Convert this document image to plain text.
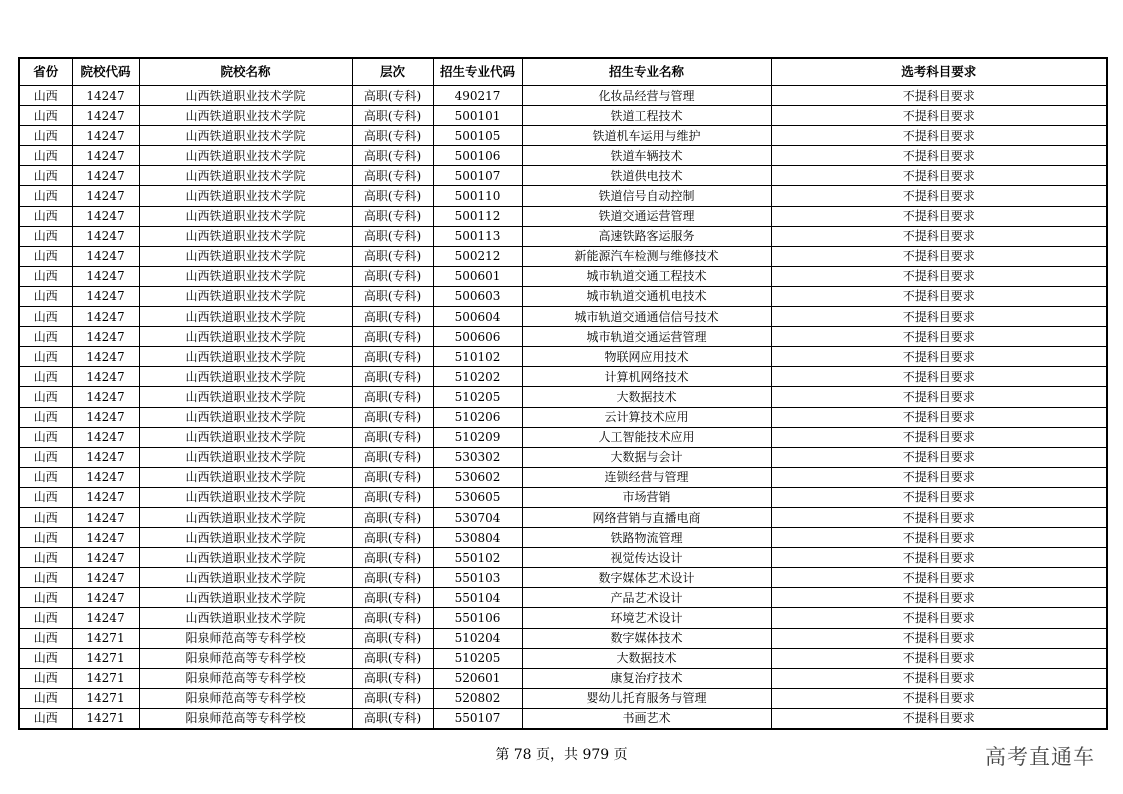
省份	院校代码	院校名称	层次	招生专业代码	招生专业名称	选考科目要求
山西	14247	山西铁道职业技术学院	高职(专科)	490217	化妆品经营与管理	不提科目要求
山西	14247	山西铁道职业技术学院	高职(专科)	500101	铁道工程技术	不提科目要求
山西	14247	山西铁道职业技术学院	高职(专科)	500105	铁道机车运用与维护	不提科目要求
山西	14247	山西铁道职业技术学院	高职(专科)	500106	铁道车辆技术	不提科目要求
山西	14247	山西铁道职业技术学院	高职(专科)	500107	铁道供电技术	不提科目要求
山西	14247	山西铁道职业技术学院	高职(专科)	500110	铁道信号自动控制	不提科目要求
山西	14247	山西铁道职业技术学院	高职(专科)	500112	铁道交通运营管理	不提科目要求
山西	14247	山西铁道职业技术学院	高职(专科)	500113	高速铁路客运服务	不提科目要求
山西	14247	山西铁道职业技术学院	高职(专科)	500212	新能源汽车检测与维修技术	不提科目要求
山西	14247	山西铁道职业技术学院	高职(专科)	500601	城市轨道交通工程技术	不提科目要求
山西	14247	山西铁道职业技术学院	高职(专科)	500603	城市轨道交通机电技术	不提科目要求
山西	14247	山西铁道职业技术学院	高职(专科)	500604	城市轨道交通通信信号技术	不提科目要求
山西	14247	山西铁道职业技术学院	高职(专科)	500606	城市轨道交通运营管理	不提科目要求
山西	14247	山西铁道职业技术学院	高职(专科)	510102	物联网应用技术	不提科目要求
山西	14247	山西铁道职业技术学院	高职(专科)	510202	计算机网络技术	不提科目要求
山西	14247	山西铁道职业技术学院	高职(专科)	510205	大数据技术	不提科目要求
山西	14247	山西铁道职业技术学院	高职(专科)	510206	云计算技术应用	不提科目要求
山西	14247	山西铁道职业技术学院	高职(专科)	510209	人工智能技术应用	不提科目要求
山西	14247	山西铁道职业技术学院	高职(专科)	530302	大数据与会计	不提科目要求
山西	14247	山西铁道职业技术学院	高职(专科)	530602	连锁经营与管理	不提科目要求
山西	14247	山西铁道职业技术学院	高职(专科)	530605	市场营销	不提科目要求
山西	14247	山西铁道职业技术学院	高职(专科)	530704	网络营销与直播电商	不提科目要求
山西	14247	山西铁道职业技术学院	高职(专科)	530804	铁路物流管理	不提科目要求
山西	14247	山西铁道职业技术学院	高职(专科)	550102	视觉传达设计	不提科目要求
山西	14247	山西铁道职业技术学院	高职(专科)	550103	数字媒体艺术设计	不提科目要求
山西	14247	山西铁道职业技术学院	高职(专科)	550104	产品艺术设计	不提科目要求
山西	14247	山西铁道职业技术学院	高职(专科)	550106	环境艺术设计	不提科目要求
山西	14271	阳泉师范高等专科学校	高职(专科)	510204	数字媒体技术	不提科目要求
山西	14271	阳泉师范高等专科学校	高职(专科)	510205	大数据技术	不提科目要求
山西	14271	阳泉师范高等专科学校	高职(专科)	520601	康复治疗技术	不提科目要求
山西	14271	阳泉师范高等专科学校	高职(专科)	520802	婴幼儿托育服务与管理	不提科目要求
山西	14271	阳泉师范高等专科学校	高职(专科)	550107	书画艺术	不提科目要求
第 78 页，共 979 页	高考直通车
